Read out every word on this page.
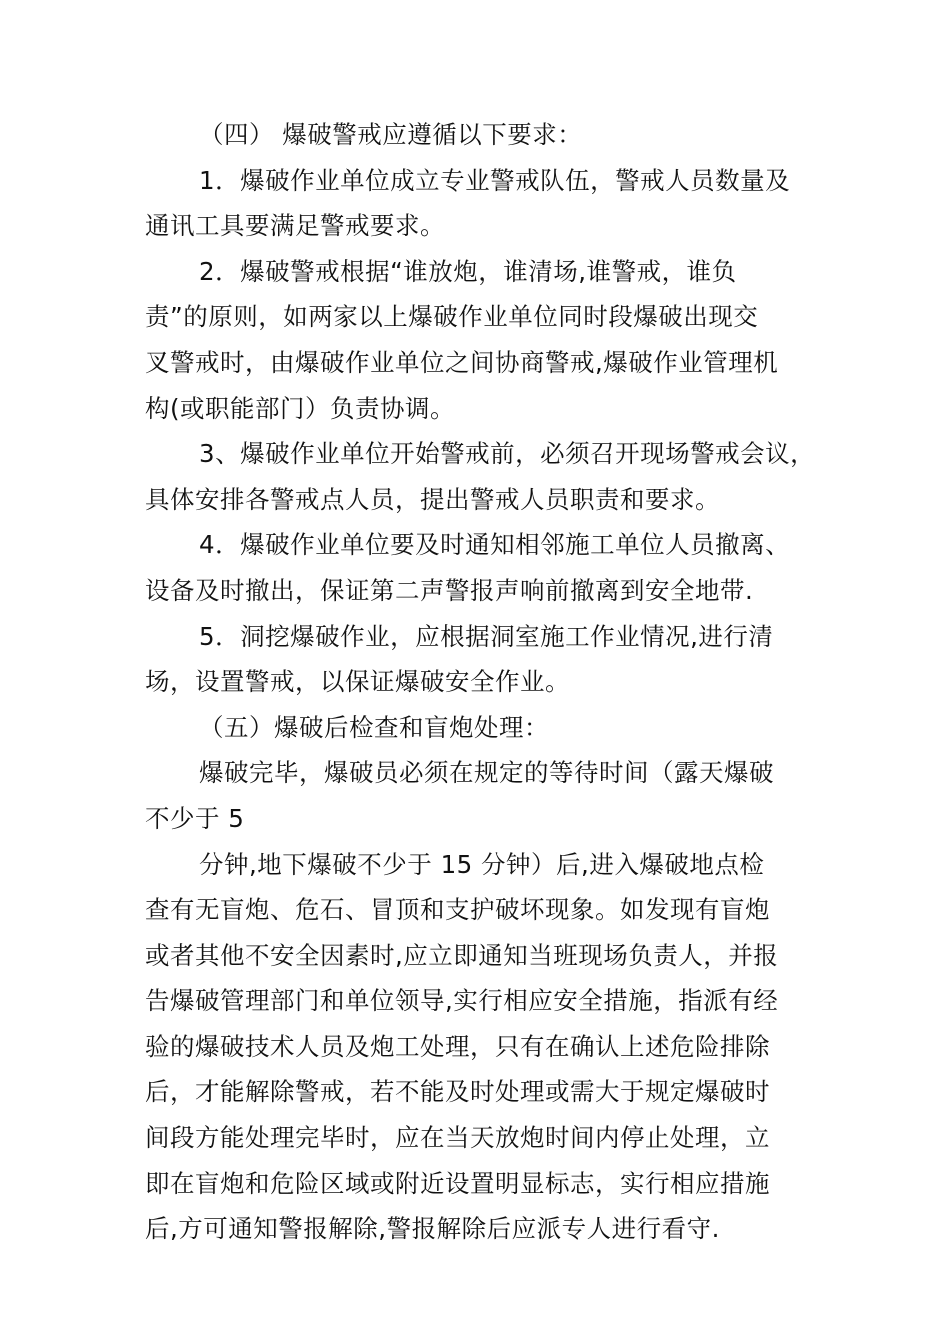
（四） 爆破警戒应遵循以下要求：
1．爆破作业单位成立专业警戒队伍，警戒人员数量及
通讯工具要满足警戒要求。
2．爆破警戒根据“谁放炮，谁清场,谁警戒，谁负
责”的原则，如两家以上爆破作业单位同时段爆破出现交
叉警戒时，由爆破作业单位之间协商警戒,爆破作业管理机
构(或职能部门）负责协调。
3、爆破作业单位开始警戒前，必须召开现场警戒会议，
具体安排各警戒点人员，提出警戒人员职责和要求。
4．爆破作业单位要及时通知相邻施工单位人员撤离、
设备及时撤出，保证第二声警报声响前撤离到安全地带.
5．洞挖爆破作业，应根据洞室施工作业情况,进行清
场，设置警戒，以保证爆破安全作业。
（五）爆破后检查和盲炮处理：
爆破完毕，爆破员必须在规定的等待时间（露天爆破
不少于 5
分钟,地下爆破不少于 15 分钟）后,进入爆破地点检
查有无盲炮、危石、冒顶和支护破坏现象。如发现有盲炮
或者其他不安全因素时,应立即通知当班现场负责人，并报
告爆破管理部门和单位领导,实行相应安全措施，指派有经
验的爆破技术人员及炮工处理，只有在确认上述危险排除
后，才能解除警戒，若不能及时处理或需大于规定爆破时
间段方能处理完毕时，应在当天放炮时间内停止处理，立
即在盲炮和危险区域或附近设置明显标志，实行相应措施
后,方可通知警报解除,警报解除后应派专人进行看守.
